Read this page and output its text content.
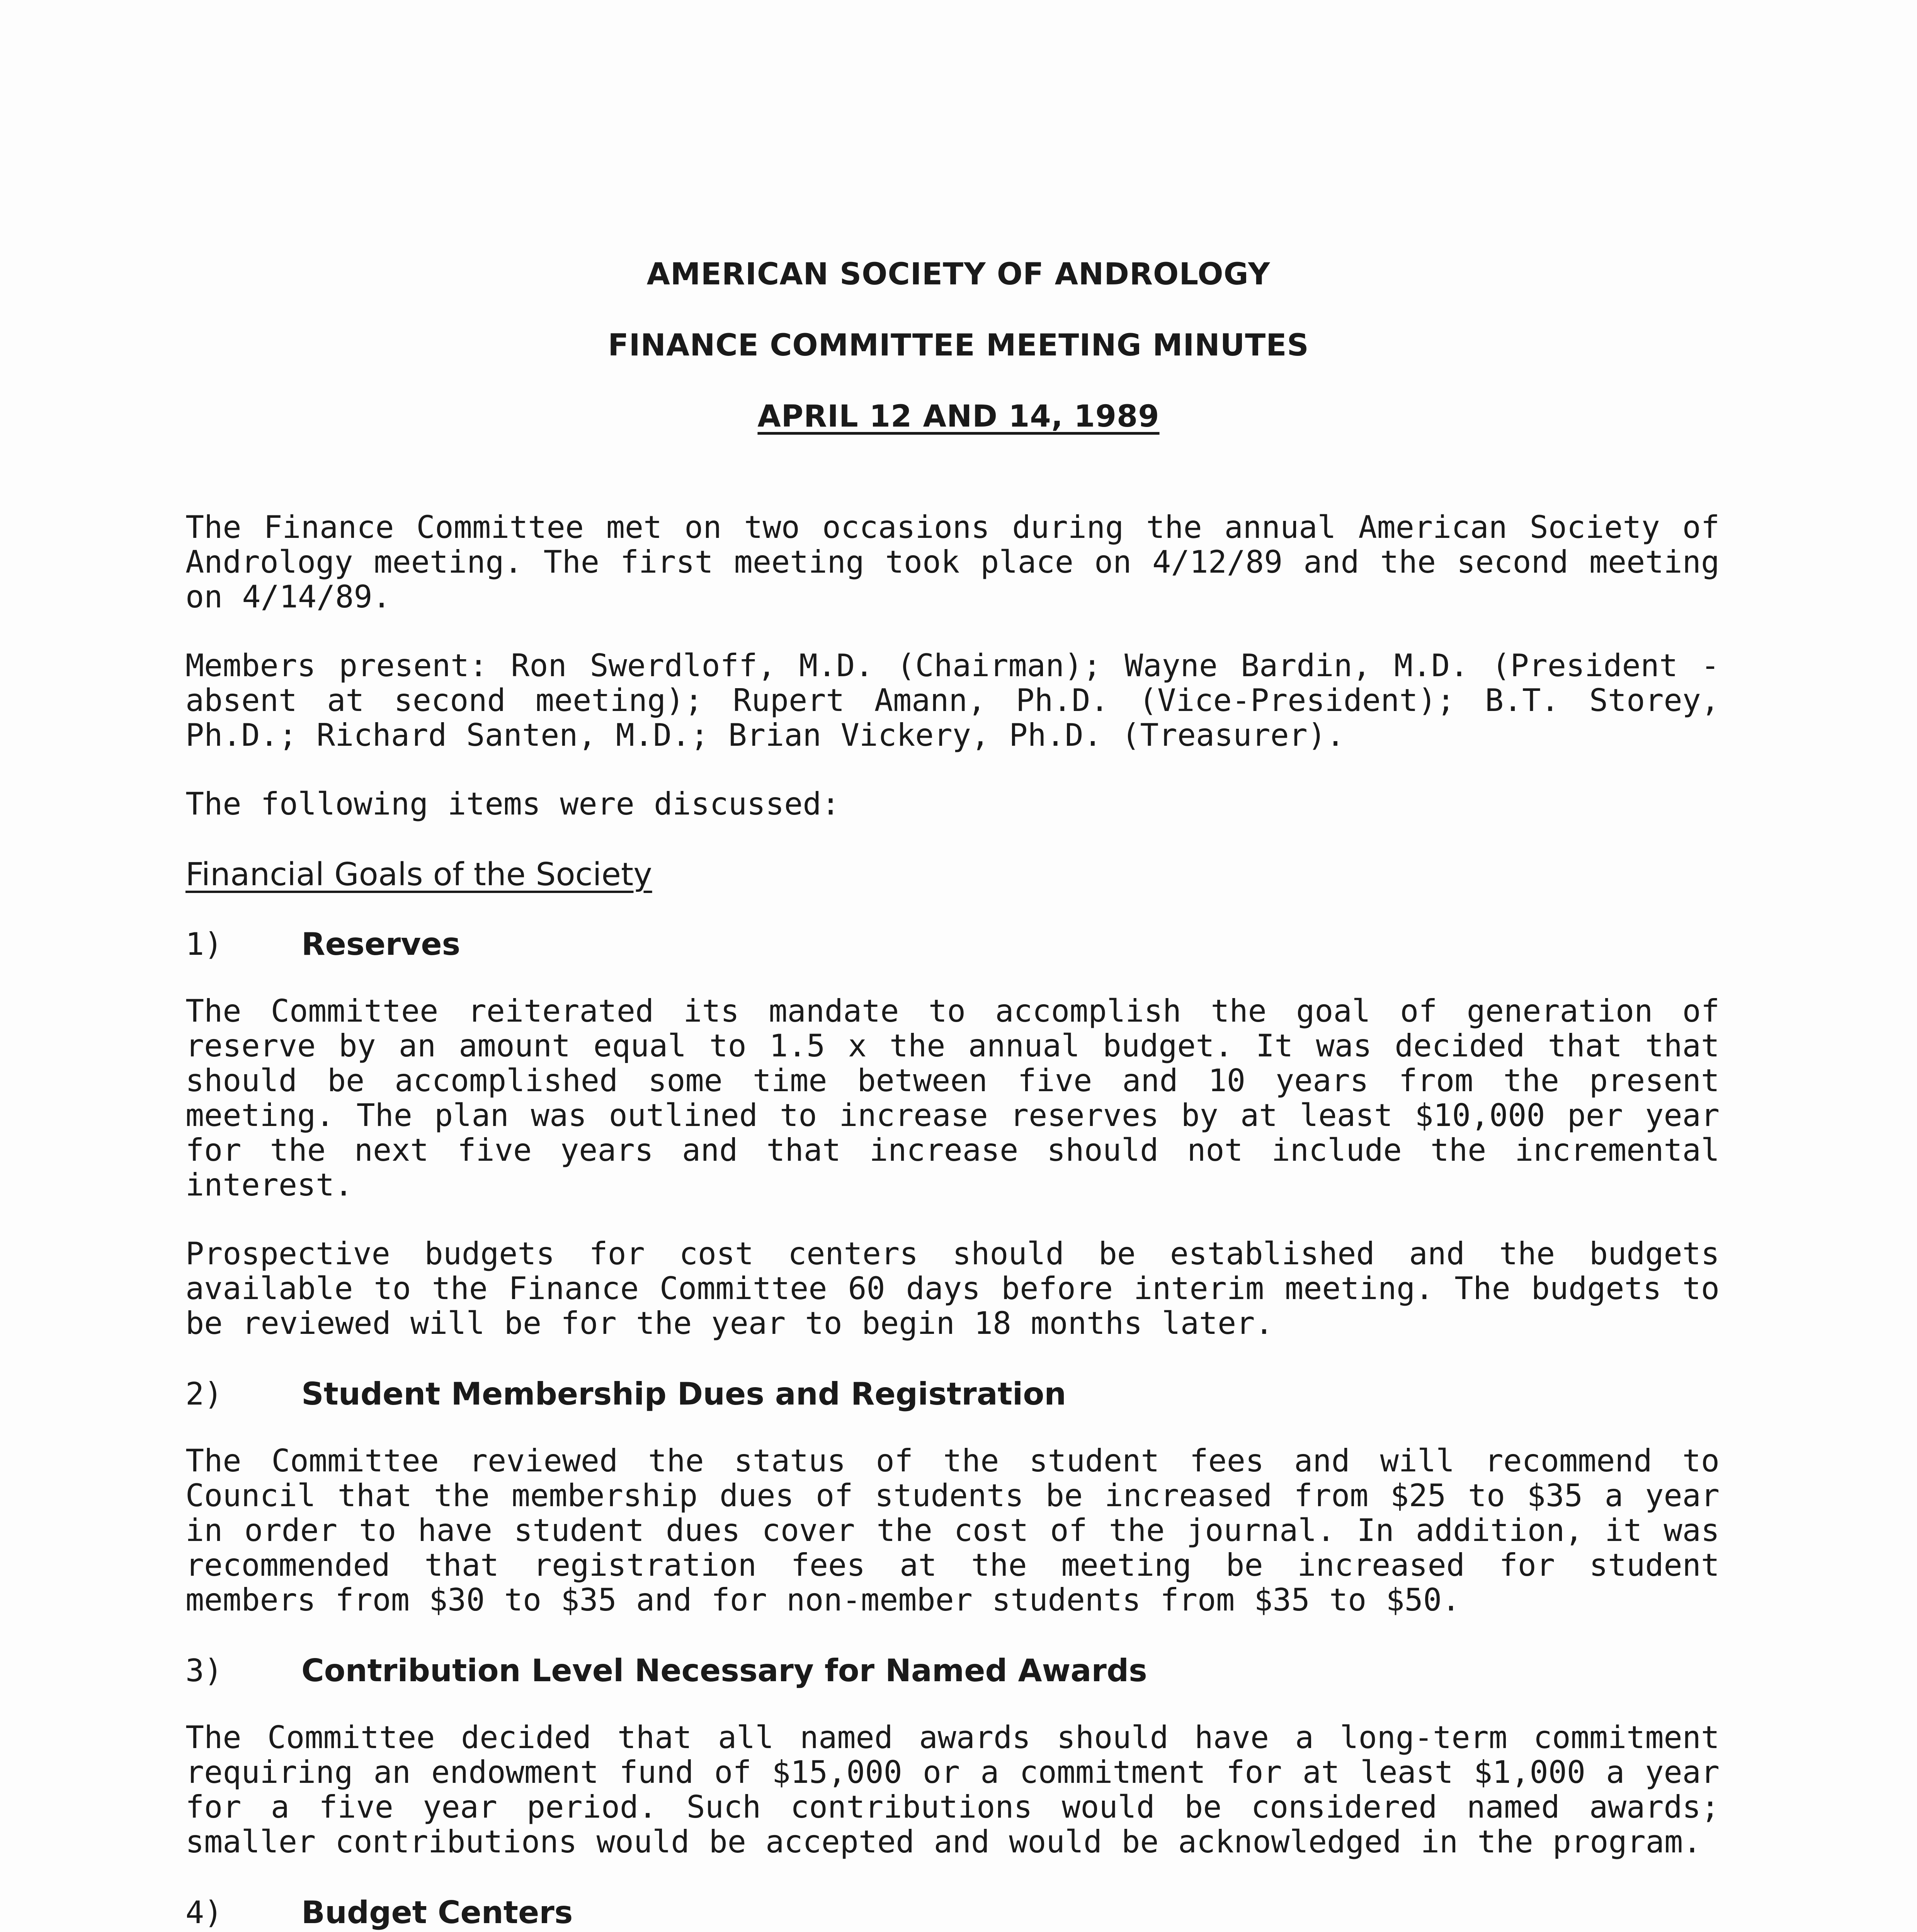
AMERICAN SOCIETY OF ANDROLOGY
FINANCE COMMITTEE MEETING MINUTES
APRIL 12 AND 14, 1989

The Finance Committee met on two occasions during the annual American Society of Andrology meeting. The first meeting took place on 4/12/89 and the second meeting on 4/14/89.

Members present: Ron Swerdloff, M.D. (Chairman); Wayne Bardin, M.D. (President - absent at second meeting); Rupert Amann, Ph.D. (Vice-President); B.T. Storey, Ph.D.; Richard Santen, M.D.; Brian Vickery, Ph.D. (Treasurer).

The following items were discussed:

Financial Goals of the Society
1)	Reserves

The Committee reiterated its mandate to accomplish the goal of generation of reserve by an amount equal to 1.5 x the annual budget. It was decided that that should be accomplished some time between five and 10 years from the present meeting. The plan was outlined to increase reserves by at least $10,000 per year for the next five years and that increase should not include the incremental interest.

Prospective budgets for cost centers should be established and the budgets available to the Finance Committee 60 days before interim meeting. The budgets to be reviewed will be for the year to begin 18 months later.

2)	Student Membership Dues and Registration

The Committee reviewed the status of the student fees and will recommend to Council that the membership dues of students be increased from $25 to $35 a year in order to have student dues cover the cost of the journal. In addition, it was recommended that registration fees at the meeting be increased for student members from $30 to $35 and for non-member students from $35 to $50.

3)	Contribution Level Necessary for Named Awards

The Committee decided that all named awards should have a long-term commitment requiring an endowment fund of $15,000 or a commitment for at least $1,000 a year for a five year period. Such contributions would be considered named awards; smaller contributions would be accepted and would be acknowledged in the program.

4)	Budget Centers
